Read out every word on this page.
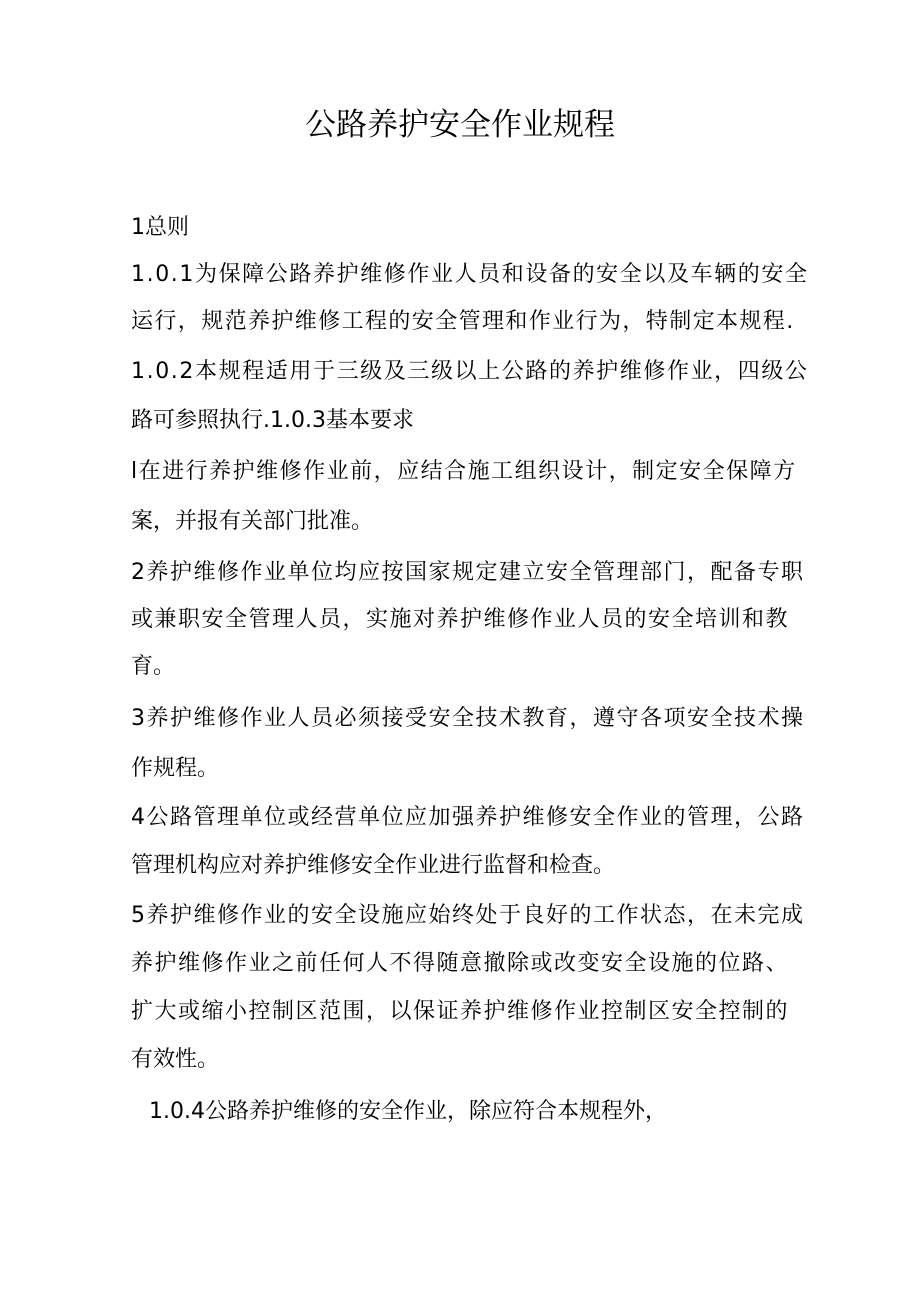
公路养护安全作业规程

1总则

1.0.1为保障公路养护维修作业人员和设备的安全以及车辆的安全

运行，规范养护维修工程的安全管理和作业行为，特制定本规程.

1.0.2本规程适用于三级及三级以上公路的养护维修作业，四级公

路可参照执行.1.0.3基本要求

l在进行养护维修作业前，应结合施工组织设计，制定安全保障方

案，并报有关部门批准。

2养护维修作业单位均应按国家规定建立安全管理部门，配备专职

或兼职安全管理人员，实施对养护维修作业人员的安全培训和教

育。

3养护维修作业人员必须接受安全技术教育，遵守各项安全技术操

作规程。

4公路管理单位或经营单位应加强养护维修安全作业的管理，公路

管理机构应对养护维修安全作业进行监督和检查。

5养护维修作业的安全设施应始终处于良好的工作状态，在未完成

养护维修作业之前任何人不得随意撤除或改变安全设施的位路、

扩大或缩小控制区范围，以保证养护维修作业控制区安全控制的

有效性。

1.0.4公路养护维修的安全作业，除应符合本规程外，
